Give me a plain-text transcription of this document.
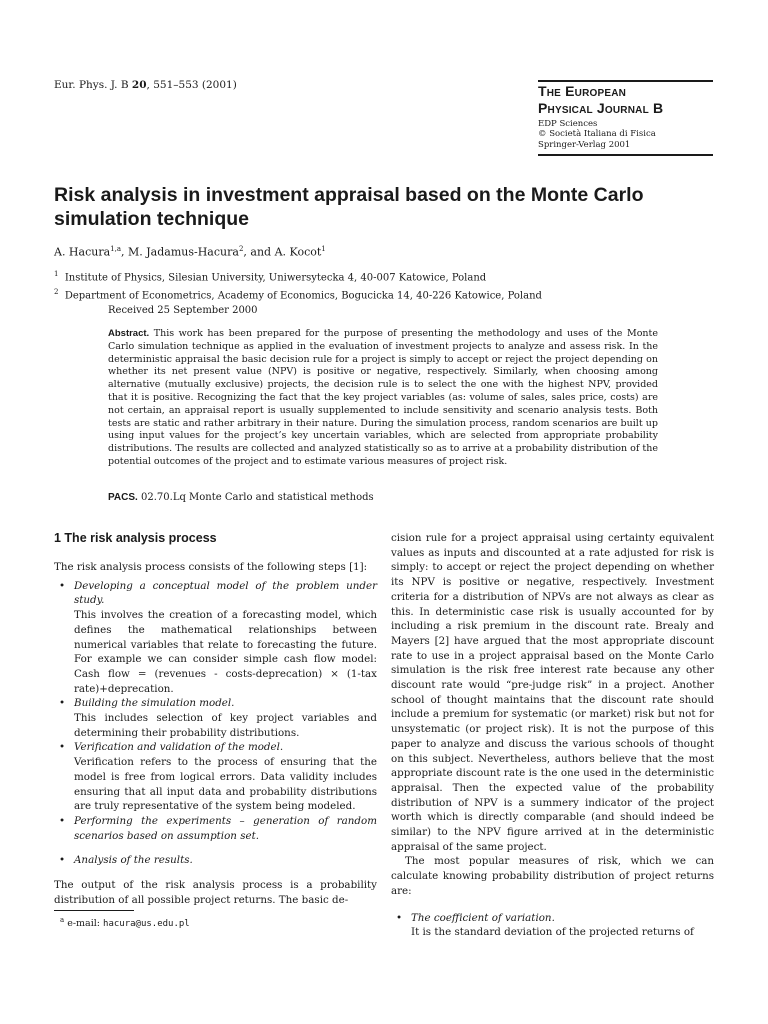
Eur. Phys. J. B 20, 551–553 (2001)	The European
Physical Journal B
EDP Sciences
© Società Italiana di Fisica
Springer-Verlag 2001
Risk analysis in investment appraisal based on the Monte Carlo simulation technique
A. Hacura$^{1,a}$, M. Jadamus-Hacura$^2$, and A. Kocot$^1$
$^1$ Institute of Physics, Silesian University, Uniwersytecka 4, 40-007 Katowice, Poland
$^2$ Department of Econometrics, Academy of Economics, Bogucicka 14, 40-226 Katowice, Poland
Received 25 September 2000
Abstract. This work has been prepared for the purpose of presenting the methodology and uses of the Monte Carlo simulation technique as applied in the evaluation of investment projects to analyze and assess risk. In the deterministic appraisal the basic decision rule for a project is simply to accept or reject the project depending on whether its net present value (NPV) is positive or negative, respectively. Similarly, when choosing among alternative (mutually exclusive) projects, the decision rule is to select the one with the highest NPV, provided that it is positive. Recognizing the fact that the key project variables (as: volume of sales, sales price, costs) are not certain, an appraisal report is usually supplemented to include sensitivity and scenario analysis tests. Both tests are static and rather arbitrary in their nature. During the simulation process, random scenarios are built up using input values for the project’s key uncertain variables, which are selected from appropriate probability distributions. The results are collected and analyzed statistically so as to arrive at a probability distribution of the potential outcomes of the project and to estimate various measures of project risk.
PACS. 02.70.Lq Monte Carlo and statistical methods
1 The risk analysis process

The risk analysis process consists of the following steps [1]:

• Developing a conceptual model of the problem under study.
This involves the creation of a forecasting model, which defines the mathematical relationships between numerical variables that relate to forecasting the future. For example we can consider simple cash flow model: Cash flow = (revenues - costs-deprecation) × (1-tax rate)+deprecation.
• Building the simulation model.
This includes selection of key project variables and determining their probability distributions.
• Verification and validation of the model.
Verification refers to the process of ensuring that the model is free from logical errors. Data validity includes ensuring that all input data and probability distributions are truly representative of the system being modeled.
• Performing the experiments – generation of random scenarios based on assumption set.
• Analysis of the results.

The output of the risk analysis process is a probability distribution of all possible project returns. The basic de-

cision rule for a project appraisal using certainty equivalent values as inputs and discounted at a rate adjusted for risk is simply: to accept or reject the project depending on whether its NPV is positive or negative, respectively. Investment criteria for a distribution of NPVs are not always as clear as this. In deterministic case risk is usually accounted for by including a risk premium in the discount rate. Brealy and Mayers [2] have argued that the most appropriate discount rate to use in a project appraisal based on the Monte Carlo simulation is the risk free interest rate because any other discount rate would “pre-judge risk” in a project. Another school of thought maintains that the discount rate should include a premium for systematic (or market) risk but not for unsystematic (or project risk). It is not the purpose of this paper to analyze and discuss the various schools of thought on this subject. Nevertheless, authors believe that the most appropriate discount rate is the one used in the deterministic appraisal. Then the expected value of the probability distribution of NPV is a summery indicator of the project worth which is directly comparable (and should indeed be similar) to the NPV figure arrived at in the deterministic appraisal of the same project.

The most popular measures of risk, which we can calculate knowing probability distribution of project returns are:

• The coefficient of variation.
It is the standard deviation of the projected returns of
$^a$ e-mail: hacura@us.edu.pl
